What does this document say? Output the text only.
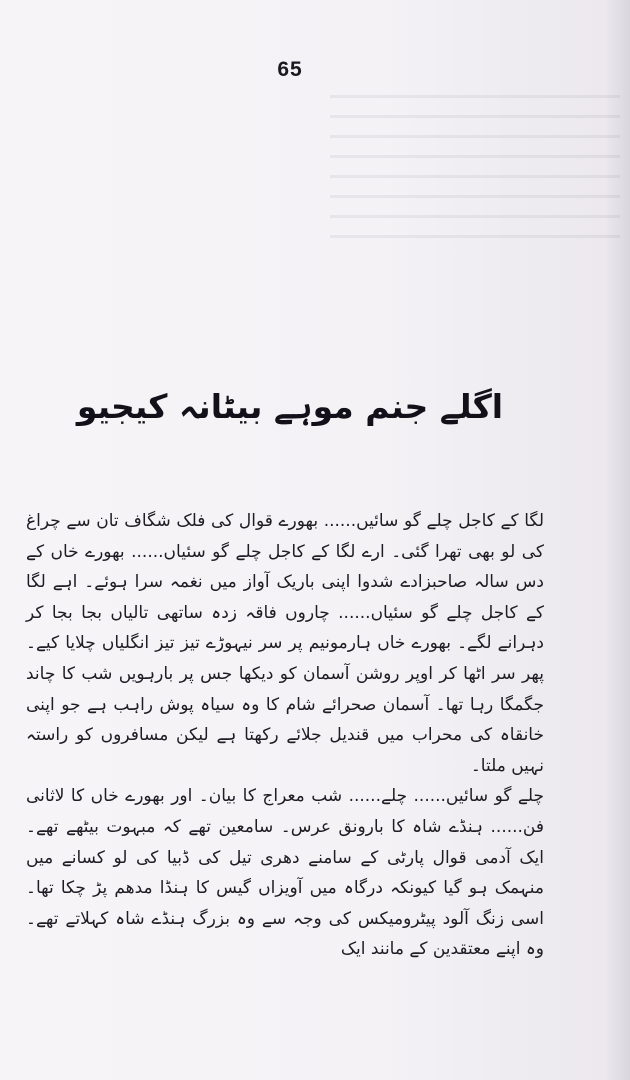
65
اگلے جنم موہے بیٹانہ کیجیو

لگا کے کاجل چلے گو سائیں...... بھورے قوال کی فلک شگاف تان سے چراغ کی لو بھی تھرا گئی۔ ارے لگا کے کاجل چلے گو سئیاں...... بھورے خاں کے دس سالہ صاحبزادے شدوا اپنی باریک آواز میں نغمہ سرا ہوئے۔ اہے لگا کے کاجل چلے گو سئیاں...... چاروں فاقہ زدہ ساتھی تالیاں بجا بجا کر دہرانے لگے۔ بھورے خاں ہارمونیم پر سر نیہوڑے تیز تیز انگلیاں چلایا کیے۔ پھر سر اٹھا کر اوپر روشن آسمان کو دیکھا جس پر بارہویں شب کا چاند جگمگا رہا تھا۔ آسمان صحرائے شام کا وہ سیاہ پوش راہب ہے جو اپنی خانقاہ کی محراب میں قندیل جلائے رکھتا ہے لیکن مسافروں کو راستہ نہیں ملتا۔

چلے گو سائیں...... چلے...... شب معراج کا بیان۔ اور بھورے خاں کا لاثانی فن...... ہنڈے شاہ کا بارونق عرس۔ سامعین تھے کہ مبہوت بیٹھے تھے۔ ایک آدمی قوال پارٹی کے سامنے دھری تیل کی ڈبیا کی لو کسانے میں منہمک ہو گیا کیونکہ درگاہ میں آویزاں گیس کا ہنڈا مدھم پڑ چکا تھا۔ اسی زنگ آلود پیٹرومیکس کی وجہ سے وہ بزرگ ہنڈے شاہ کہلاتے تھے۔ وہ اپنے معتقدین کے مانند ایک
